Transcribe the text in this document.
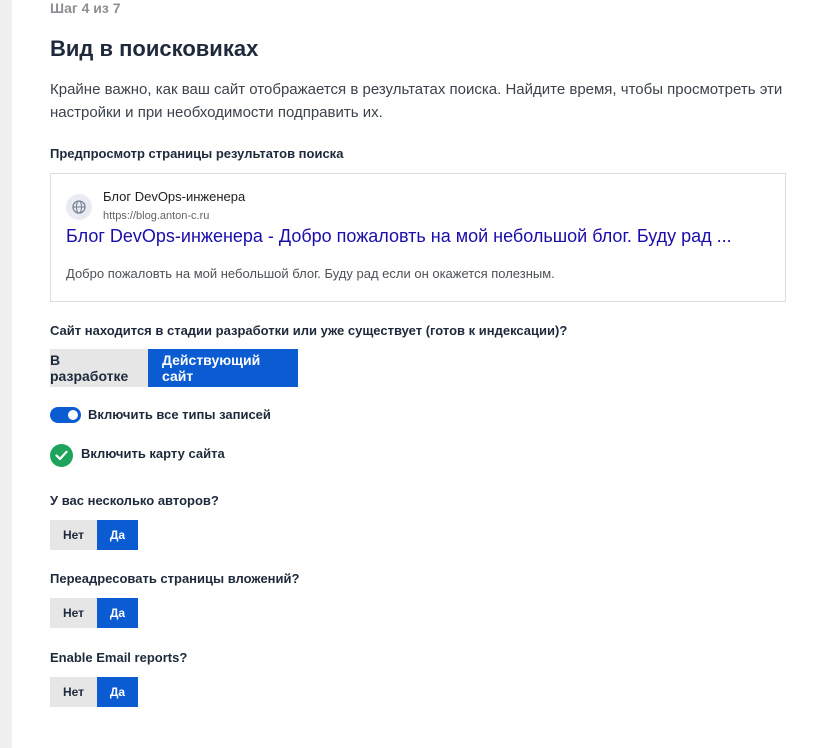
Шаг 4 из 7
Вид в поисковиках

Крайне важно, как ваш сайт отображается в результатах поиска. Найдите время, чтобы просмотреть эти настройки и при необходимости подправить их.

Предпросмотр страницы результатов поиска
Блог DevOps-инженера
https://blog.anton-c.ru
Блог DevOps-инженера - Добро пожаловть на мой небольшой блог. Буду рад ...
Добро пожаловть на мой небольшой блог. Буду рад если он окажется полезным.
Сайт находится в стадии разработки или уже существует (готов к индексации)?
В разработке
Действующий сайт
Включить все типы записей
Включить карту сайта
У вас несколько авторов?
Нет	Да
Переадресовать страницы вложений?
Нет	Да
Enable Email reports?
Нет	Да
